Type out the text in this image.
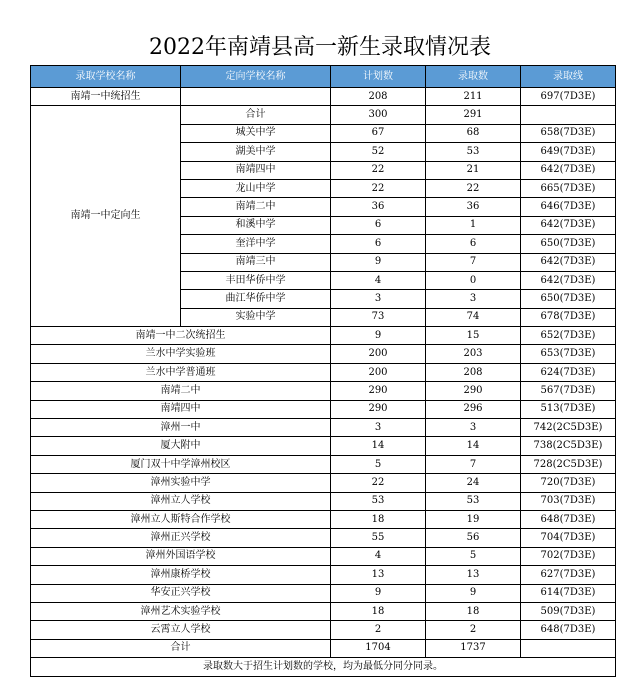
2022年南靖县高一新生录取情况表
录取学校名称	定向学校名称	计划数	录取数	录取线
南靖一中统招生		208	211	697(7D3E)
南靖一中定向生	合计	300	291	
	城关中学	67	68	658(7D3E)
	湖美中学	52	53	649(7D3E)
	南靖四中	22	21	642(7D3E)
	龙山中学	22	22	665(7D3E)
	南靖二中	36	36	646(7D3E)
	和溪中学	6	1	642(7D3E)
	奎洋中学	6	6	650(7D3E)
	南靖三中	9	7	642(7D3E)
	丰田华侨中学	4	0	642(7D3E)
	曲江华侨中学	3	3	650(7D3E)
	实验中学	73	74	678(7D3E)
南靖一中二次统招生		9	15	652(7D3E)
兰水中学实验班		200	203	653(7D3E)
兰水中学普通班		200	208	624(7D3E)
南靖二中		290	290	567(7D3E)
南靖四中		290	296	513(7D3E)
漳州一中		3	3	742(2C5D3E)
厦大附中		14	14	738(2C5D3E)
厦门双十中学漳州校区		5	7	728(2C5D3E)
漳州实验中学		22	24	720(7D3E)
漳州立人学校		53	53	703(7D3E)
漳州立人斯特合作学校		18	19	648(7D3E)
漳州正兴学校		55	56	704(7D3E)
漳州外国语学校		4	5	702(7D3E)
漳州康桥学校		13	13	627(7D3E)
华安正兴学校		9	9	614(7D3E)
漳州艺术实验学校		18	18	509(7D3E)
云霄立人学校		2	2	648(7D3E)
合计		1704	1737	
录取数大于招生计划数的学校，均为最低分同分同录。				
